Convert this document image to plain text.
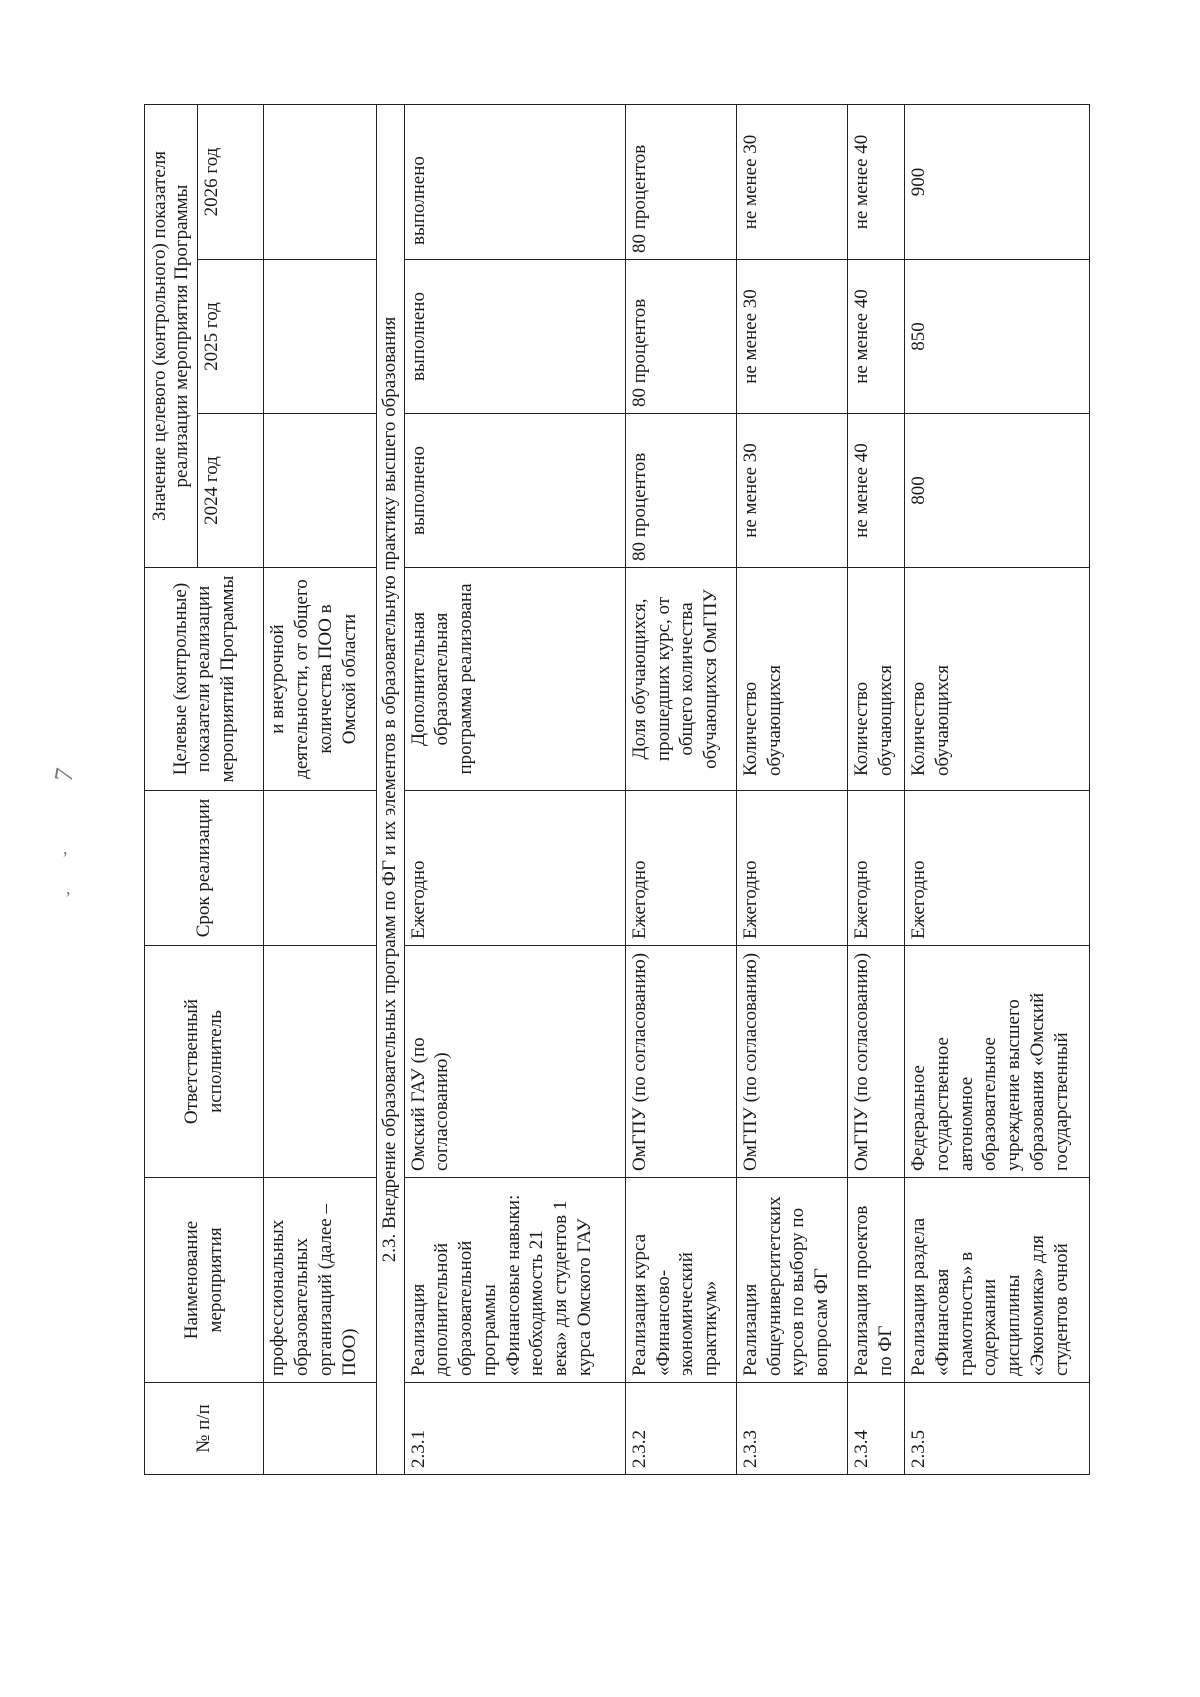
7
,
,
№ п/п	Наименование мероприятия	Ответственный исполнитель	Срок реализации	Целевые (контрольные) показатели реализации мероприятий Программы	Значение целевого (контрольного) показателя реализации мероприятия Программы		
					2024 год	2025 год	2026 год
	профессиональных образовательных организаций (далее – ПОО)			и внеурочной деятельности, от общего количества ПОО в Омской области			
2.3. Внедрение образовательных программ по ФГ и их элементов в образовательную практику высшего образования							
2.3.1	Реализация дополнительной образовательной программы «Финансовые навыки: необходимость 21 века» для студентов 1 курса Омского ГАУ	Омский ГАУ (по согласованию)	Ежегодно	Дополнительная образовательная программа реализована	выполнено	выполнено	выполнено
2.3.2	Реализация курса «Финансово-экономический практикум»	ОмГПУ (по согласованию)	Ежегодно	Доля обучающихся, прошедших курс, от общего количества обучающихся ОмГПУ	80 процентов	80 процентов	80 процентов
2.3.3	Реализация общеуниверситетских курсов по выбору по вопросам ФГ	ОмГПУ (по согласованию)	Ежегодно	Количество обучающихся	не менее 30	не менее 30	не менее 30
2.3.4	Реализация проектов по ФГ	ОмГПУ (по согласованию)	Ежегодно	Количество обучающихся	не менее 40	не менее 40	не менее 40
2.3.5	Реализация раздела «Финансовая грамотность» в содержании дисциплины «Экономика» для студентов очной	Федеральное государственное автономное образовательное учреждение высшего образования «Омский государственный	Ежегодно	Количество обучающихся	800	850	900
